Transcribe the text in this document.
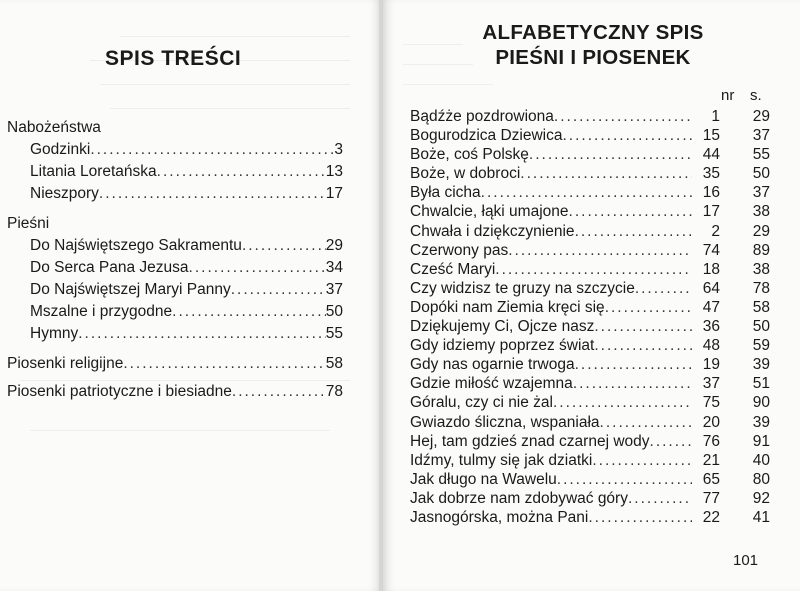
SPIS TREŚCI
Nabożeństwa
Godzinki .....	3
Litania Loretańska .....	13
Nieszpory .....	17
Pieśni
Do Najświętszego Sakramentu .....	29
Do Serca Pana Jezusa .....	34
Do Najświętszej Maryi Panny .....	37
Mszalne i przygodne .....	50
Hymny .....	55
Piosenki religijne .....	58
Piosenki patriotyczne i biesiadne .....	78
ALFABETYCZNY SPIS
PIEŚNI I PIOSENEK
nr s.
Bądźże pozdrowiona .....	1	29
Bogurodzica Dziewica .....	15	37
Boże, coś Polskę .....	44	55
Boże, w dobroci .....	35	50
Była cicha .....	16	37
Chwalcie, łąki umajone .....	17	38
Chwała i dziękczynienie .....	2	29
Czerwony pas .....	74	89
Cześć Maryi .....	18	38
Czy widzisz te gruzy na szczycie .....	64	78
Dopóki nam Ziemia kręci się .....	47	58
Dziękujemy Ci, Ojcze nasz .....	36	50
Gdy idziemy poprzez świat .....	48	59
Gdy nas ogarnie trwoga .....	19	39
Gdzie miłość wzajemna .....	37	51
Góralu, czy ci nie żal .....	75	90
Gwiazdo śliczna, wspaniała .....	20	39
Hej, tam gdzieś znad czarnej wody .....	76	91
Idźmy, tulmy się jak dziatki .....	21	40
Jak długo na Wawelu .....	65	80
Jak dobrze nam zdobywać góry .....	77	92
Jasnogórska, można Pani .....	22	41
101
